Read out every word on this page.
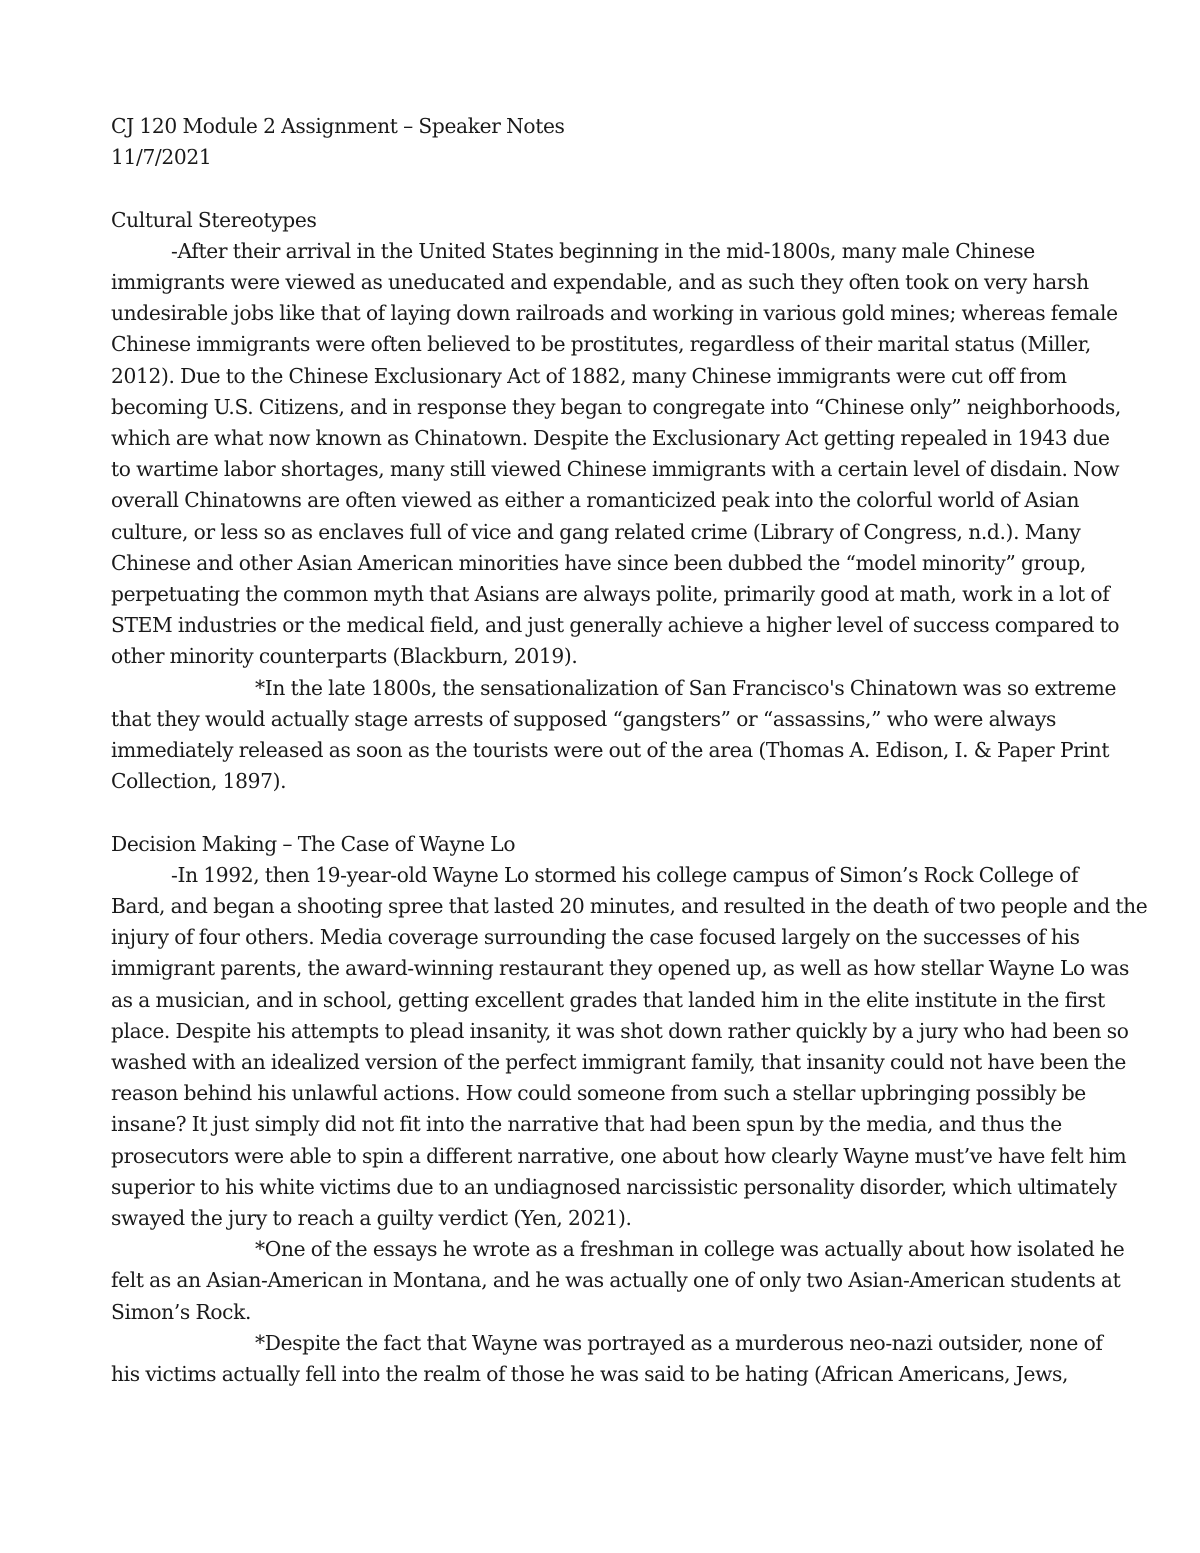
CJ 120 Module 2 Assignment – Speaker Notes
11/7/2021
Cultural Stereotypes
-After their arrival in the United States beginning in the mid-1800s, many male Chinese
immigrants were viewed as uneducated and expendable, and as such they often took on very harsh
undesirable jobs like that of laying down railroads and working in various gold mines; whereas female
Chinese immigrants were often believed to be prostitutes, regardless of their marital status (Miller,
2012). Due to the Chinese Exclusionary Act of 1882, many Chinese immigrants were cut off from
becoming U.S. Citizens, and in response they began to congregate into “Chinese only” neighborhoods,
which are what now known as Chinatown. Despite the Exclusionary Act getting repealed in 1943 due
to wartime labor shortages, many still viewed Chinese immigrants with a certain level of disdain. Now
overall Chinatowns are often viewed as either a romanticized peak into the colorful world of Asian
culture, or less so as enclaves full of vice and gang related crime (Library of Congress, n.d.). Many
Chinese and other Asian American minorities have since been dubbed the “model minority” group,
perpetuating the common myth that Asians are always polite, primarily good at math, work in a lot of
STEM industries or the medical field, and just generally achieve a higher level of success compared to
other minority counterparts (Blackburn, 2019).
*In the late 1800s, the sensationalization of San Francisco's Chinatown was so extreme
that they would actually stage arrests of supposed “gangsters” or “assassins,” who were always
immediately released as soon as the tourists were out of the area (Thomas A. Edison, I. & Paper Print
Collection, 1897).
Decision Making – The Case of Wayne Lo
-In 1992, then 19-year-old Wayne Lo stormed his college campus of Simon’s Rock College of
Bard, and began a shooting spree that lasted 20 minutes, and resulted in the death of two people and the
injury of four others. Media coverage surrounding the case focused largely on the successes of his
immigrant parents, the award-winning restaurant they opened up, as well as how stellar Wayne Lo was
as a musician, and in school, getting excellent grades that landed him in the elite institute in the first
place. Despite his attempts to plead insanity, it was shot down rather quickly by a jury who had been so
washed with an idealized version of the perfect immigrant family, that insanity could not have been the
reason behind his unlawful actions. How could someone from such a stellar upbringing possibly be
insane? It just simply did not fit into the narrative that had been spun by the media, and thus the
prosecutors were able to spin a different narrative, one about how clearly Wayne must’ve have felt him
superior to his white victims due to an undiagnosed narcissistic personality disorder, which ultimately
swayed the jury to reach a guilty verdict (Yen, 2021).
*One of the essays he wrote as a freshman in college was actually about how isolated he
felt as an Asian-American in Montana, and he was actually one of only two Asian-American students at
Simon’s Rock.
*Despite the fact that Wayne was portrayed as a murderous neo-nazi outsider, none of
his victims actually fell into the realm of those he was said to be hating (African Americans, Jews,
